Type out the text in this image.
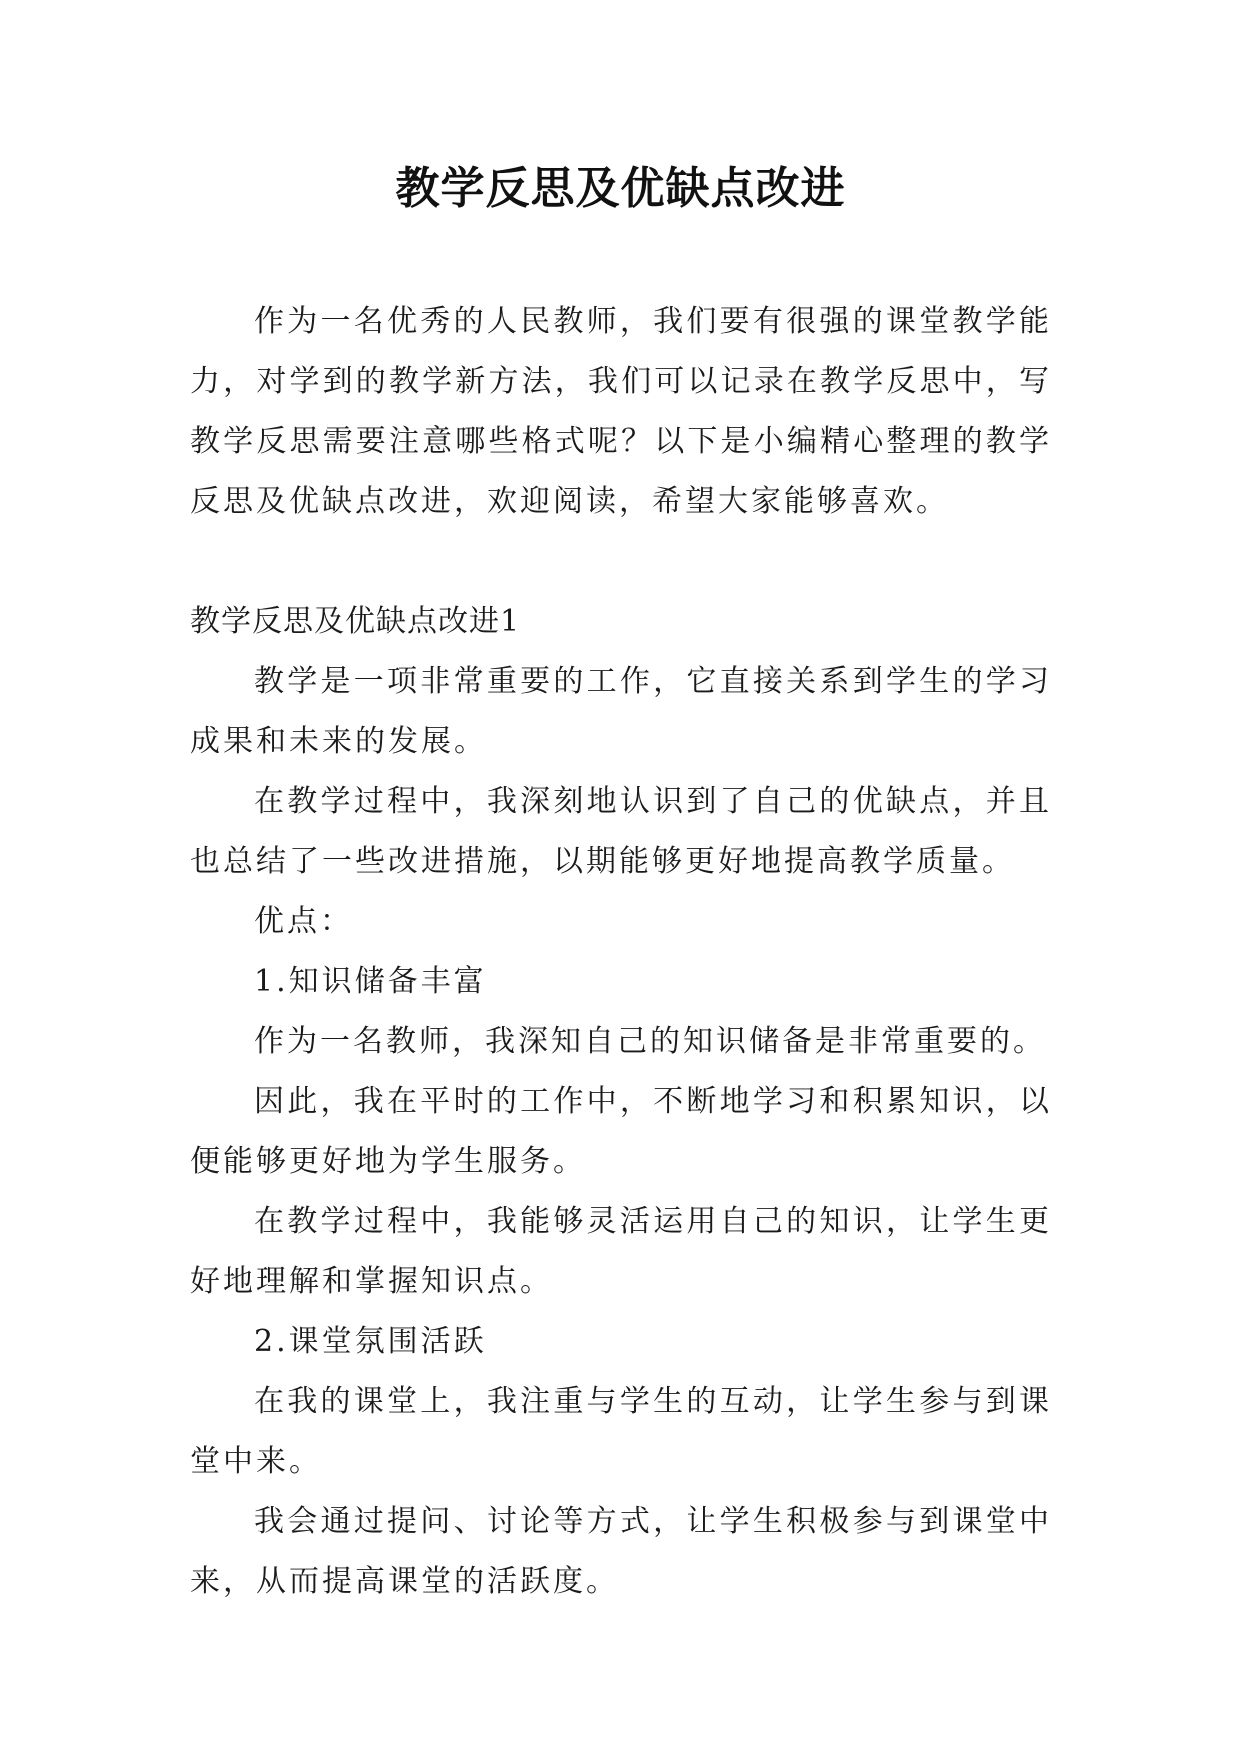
教学反思及优缺点改进

作为一名优秀的人民教师，我们要有很强的课堂教学能力，对学到的教学新方法，我们可以记录在教学反思中，写教学反思需要注意哪些格式呢？以下是小编精心整理的教学反思及优缺点改进，欢迎阅读，希望大家能够喜欢。

教学反思及优缺点改进1

教学是一项非常重要的工作，它直接关系到学生的学习成果和未来的发展。

在教学过程中，我深刻地认识到了自己的优缺点，并且也总结了一些改进措施，以期能够更好地提高教学质量。

优点：

1.知识储备丰富

作为一名教师，我深知自己的知识储备是非常重要的。

因此，我在平时的工作中，不断地学习和积累知识，以便能够更好地为学生服务。

在教学过程中，我能够灵活运用自己的知识，让学生更好地理解和掌握知识点。

2.课堂氛围活跃

在我的课堂上，我注重与学生的互动，让学生参与到课堂中来。

我会通过提问、讨论等方式，让学生积极参与到课堂中来，从而提高课堂的活跃度。
